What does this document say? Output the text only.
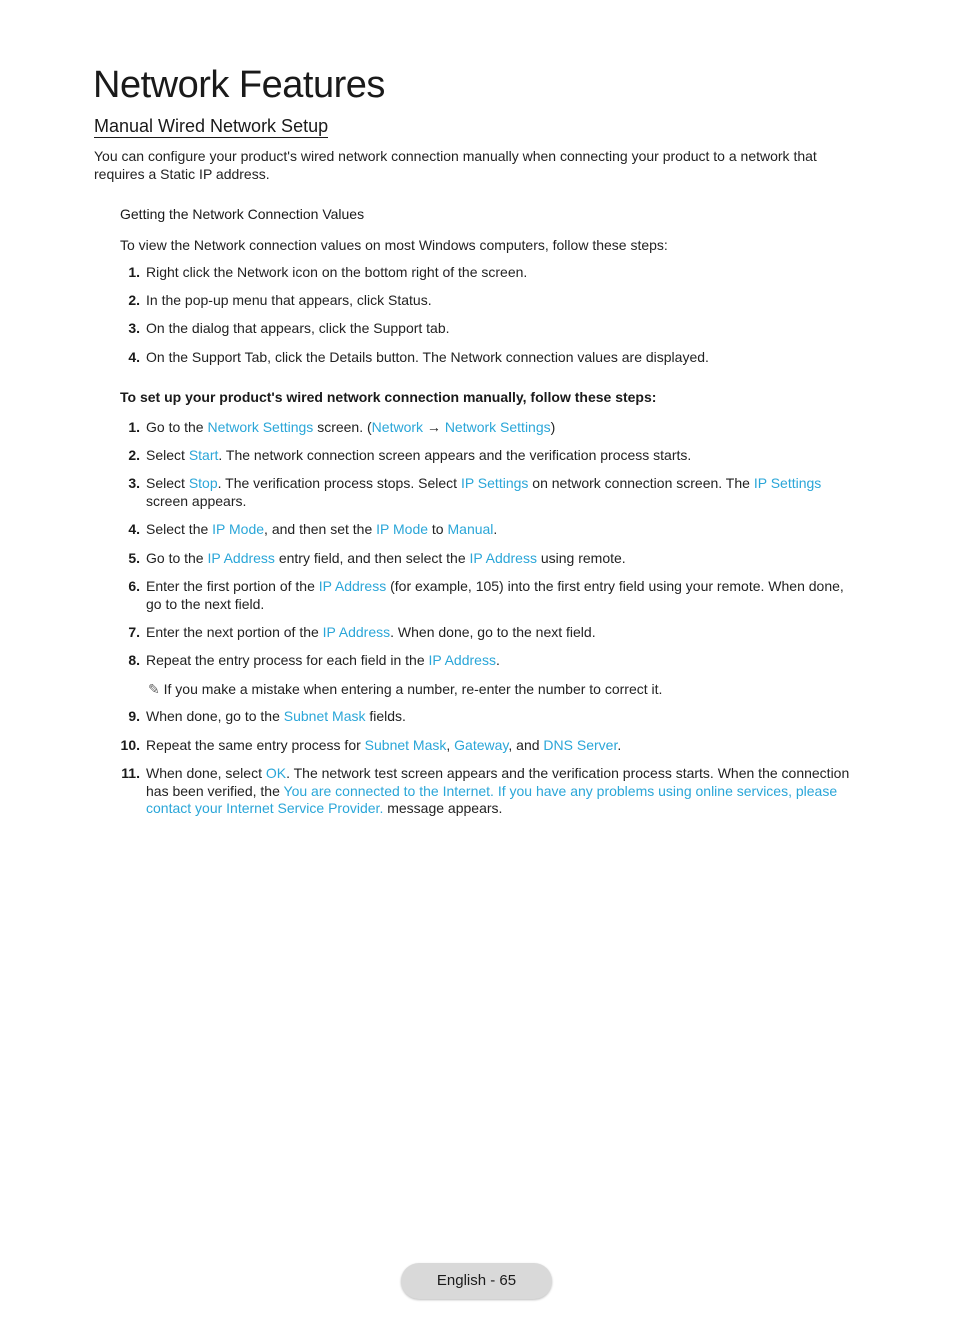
Network Features
Manual Wired Network Setup
You can configure your product's wired network connection manually when connecting your product to a network that requires a Static IP address.
Getting the Network Connection Values
To view the Network connection values on most Windows computers, follow these steps:
1. Right click the Network icon on the bottom right of the screen.
2. In the pop-up menu that appears, click Status.
3. On the dialog that appears, click the Support tab.
4. On the Support Tab, click the Details button. The Network connection values are displayed.
To set up your product's wired network connection manually, follow these steps:
1. Go to the Network Settings screen. (Network → Network Settings)
2. Select Start. The network connection screen appears and the verification process starts.
3. Select Stop. The verification process stops. Select IP Settings on network connection screen. The IP Settings screen appears.
4. Select the IP Mode, and then set the IP Mode to Manual.
5. Go to the IP Address entry field, and then select the IP Address using remote.
6. Enter the first portion of the IP Address (for example, 105) into the first entry field using your remote. When done, go to the next field.
7. Enter the next portion of the IP Address. When done, go to the next field.
8. Repeat the entry process for each field in the IP Address.
✎ If you make a mistake when entering a number, re-enter the number to correct it.
9. When done, go to the Subnet Mask fields.
10. Repeat the same entry process for Subnet Mask, Gateway, and DNS Server.
11. When done, select OK. The network test screen appears and the verification process starts. When the connection has been verified, the You are connected to the Internet. If you have any problems using online services, please contact your Internet Service Provider. message appears.
English - 65
